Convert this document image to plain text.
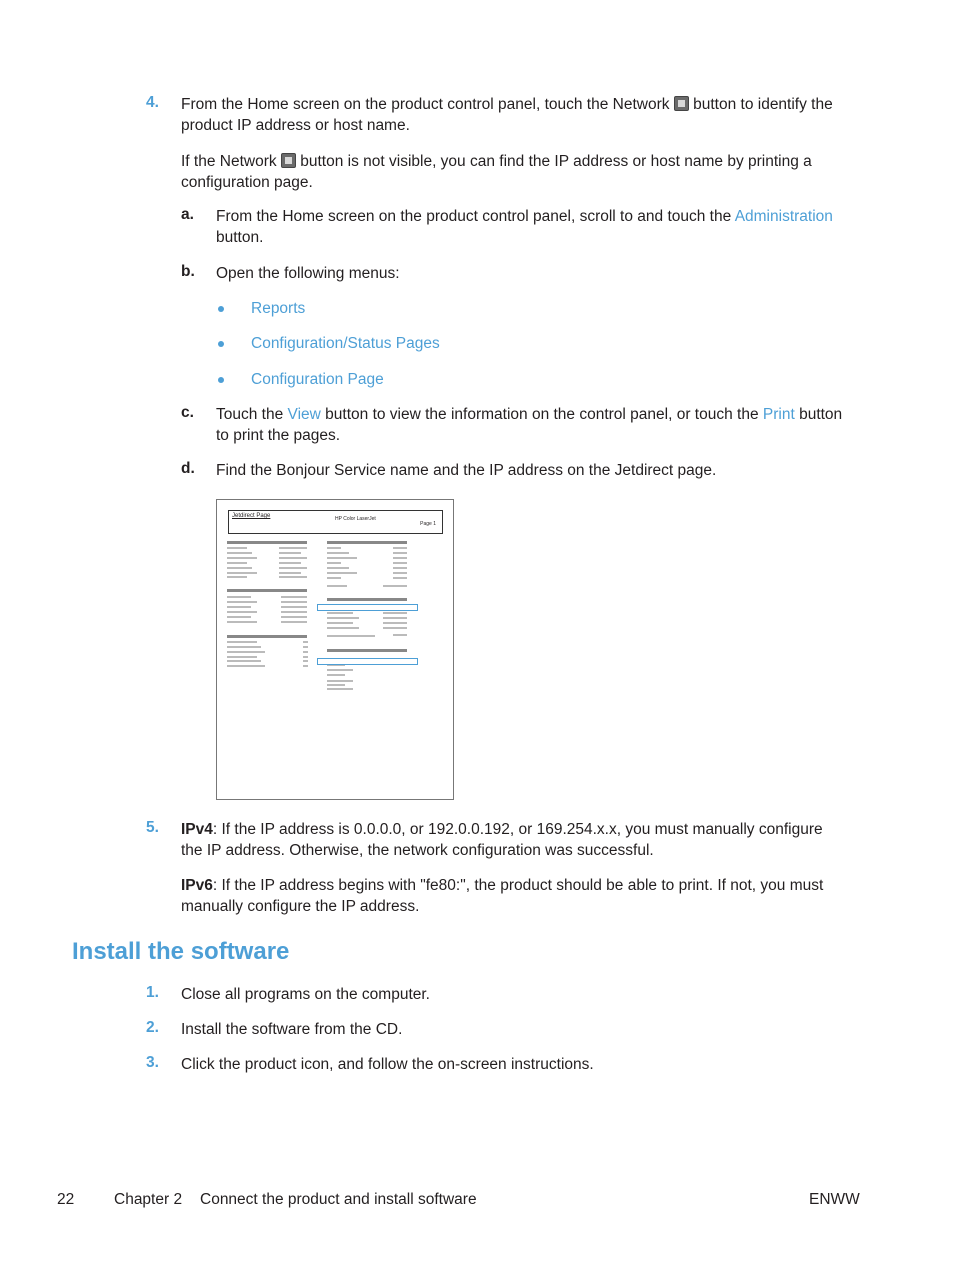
4. From the Home screen on the product control panel, touch the Network  button to identify the
product IP address or host name.
If the Network  button is not visible, you can find the IP address or host name by printing a
configuration page.
a. From the Home screen on the product control panel, scroll to and touch the Administration
button.
b. Open the following menus:
Reports
Configuration/Status Pages
Configuration Page
c. Touch the View button to view the information on the control panel, or touch the Print button
to print the pages.
d. Find the Bonjour Service name and the IP address on the Jetdirect page.
Jetdirect Page	HP Color LaserJet
Page 1
5. IPv4: If the IP address is 0.0.0.0, or 192.0.0.192, or 169.254.x.x, you must manually configure
the IP address. Otherwise, the network configuration was successful.
IPv6: If the IP address begins with "fe80:", the product should be able to print. If not, you must
manually configure the IP address.
Install the software
1. Close all programs on the computer.
2. Install the software from the CD.
3. Click the product icon, and follow the on-screen instructions.
22	Chapter 2 Connect the product and install software	ENWW
